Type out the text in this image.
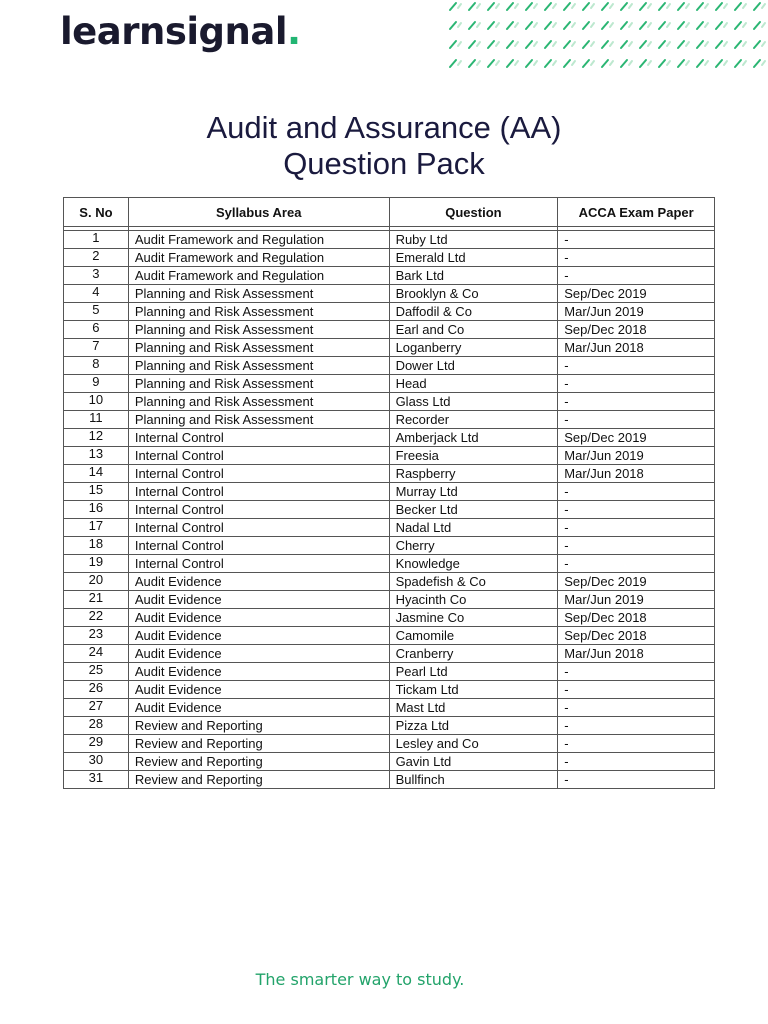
learnsignal.
Audit and Assurance (AA)
Question Pack
S. No	Syllabus Area	Question	ACCA Exam Paper

1	Audit Framework and Regulation	Ruby Ltd	-
2	Audit Framework and Regulation	Emerald Ltd	-
3	Audit Framework and Regulation	Bark Ltd	-
4	Planning and Risk Assessment	Brooklyn & Co	Sep/Dec 2019
5	Planning and Risk Assessment	Daffodil & Co	Mar/Jun 2019
6	Planning and Risk Assessment	Earl and Co	Sep/Dec 2018
7	Planning and Risk Assessment	Loganberry	Mar/Jun 2018
8	Planning and Risk Assessment	Dower Ltd	-
9	Planning and Risk Assessment	Head	-
10	Planning and Risk Assessment	Glass Ltd	-
11	Planning and Risk Assessment	Recorder	-
12	Internal Control	Amberjack Ltd	Sep/Dec 2019
13	Internal Control	Freesia	Mar/Jun 2019
14	Internal Control	Raspberry	Mar/Jun 2018
15	Internal Control	Murray Ltd	-
16	Internal Control	Becker Ltd	-
17	Internal Control	Nadal Ltd	-
18	Internal Control	Cherry	-
19	Internal Control	Knowledge	-
20	Audit Evidence	Spadefish & Co	Sep/Dec 2019
21	Audit Evidence	Hyacinth Co	Mar/Jun 2019
22	Audit Evidence	Jasmine Co	Sep/Dec 2018
23	Audit Evidence	Camomile	Sep/Dec 2018
24	Audit Evidence	Cranberry	Mar/Jun 2018
25	Audit Evidence	Pearl Ltd	-
26	Audit Evidence	Tickam Ltd	-
27	Audit Evidence	Mast Ltd	-
28	Review and Reporting	Pizza Ltd	-
29	Review and Reporting	Lesley and Co	-
30	Review and Reporting	Gavin Ltd	-
31	Review and Reporting	Bullfinch	-
The smarter way to study.
